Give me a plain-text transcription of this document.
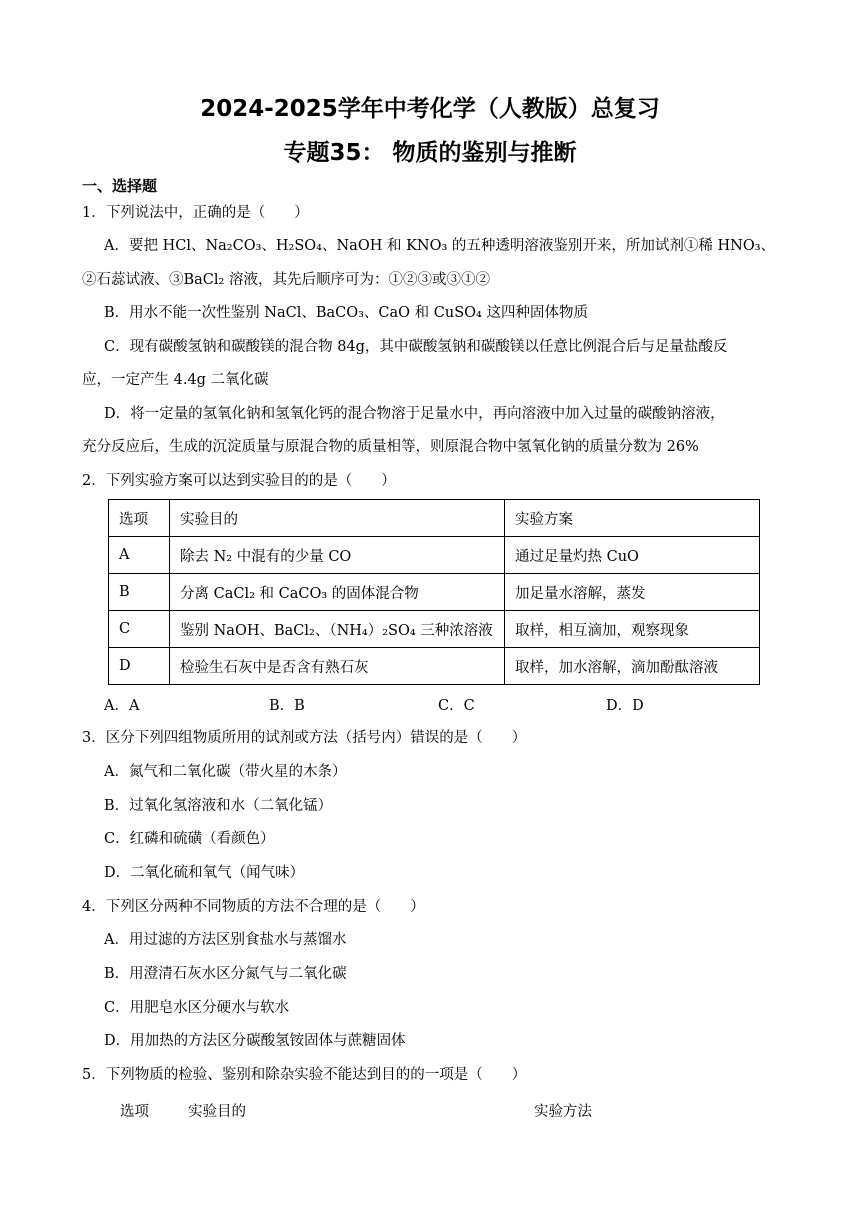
2024-2025学年中考化学（人教版）总复习
专题35： 物质的鉴别与推断
一、选择题
1．下列说法中，正确的是（　　）
A．要把 HCl、Na₂CO₃、H₂SO₄、NaOH 和 KNO₃ 的五种透明溶液鉴别开来，所加试剂①稀 HNO₃、
②石蕊试液、③BaCl₂ 溶液，其先后顺序可为：①②③或③①②
B．用水不能一次性鉴别 NaCl、BaCO₃、CaO 和 CuSO₄ 这四种固体物质
C．现有碳酸氢钠和碳酸镁的混合物 84g，其中碳酸氢钠和碳酸镁以任意比例混合后与足量盐酸反
应，一定产生 4.4g 二氧化碳
D．将一定量的氢氧化钠和氢氧化钙的混合物溶于足量水中，再向溶液中加入过量的碳酸钠溶液，
充分反应后，生成的沉淀质量与原混合物的质量相等，则原混合物中氢氧化钠的质量分数为 26%
2．下列实验方案可以达到实验目的的是（　　）
选项	实验目的	实验方案
A	除去 N₂ 中混有的少量 CO	通过足量灼热 CuO
B	分离 CaCl₂ 和 CaCO₃ 的固体混合物	加足量水溶解，蒸发
C	鉴别 NaOH、BaCl₂、（NH₄）₂SO₄ 三种浓溶液	取样，相互滴加，观察现象
D	检验生石灰中是否含有熟石灰	取样，加水溶解，滴加酚酞溶液
A．A	B．B	C．C	D．D
3．区分下列四组物质所用的试剂或方法（括号内）错误的是（　　）
A．氮气和二氧化碳（带火星的木条）
B．过氧化氢溶液和水（二氧化锰）
C．红磷和硫磺（看颜色）
D．二氧化硫和氧气（闻气味）
4．下列区分两种不同物质的方法不合理的是（　　）
A．用过滤的方法区别食盐水与蒸馏水
B．用澄清石灰水区分氮气与二氧化碳
C．用肥皂水区分硬水与软水
D．用加热的方法区分碳酸氢铵固体与蔗糖固体
5．下列物质的检验、鉴别和除杂实验不能达到目的的一项是（　　）
选项	实验目的	实验方法
